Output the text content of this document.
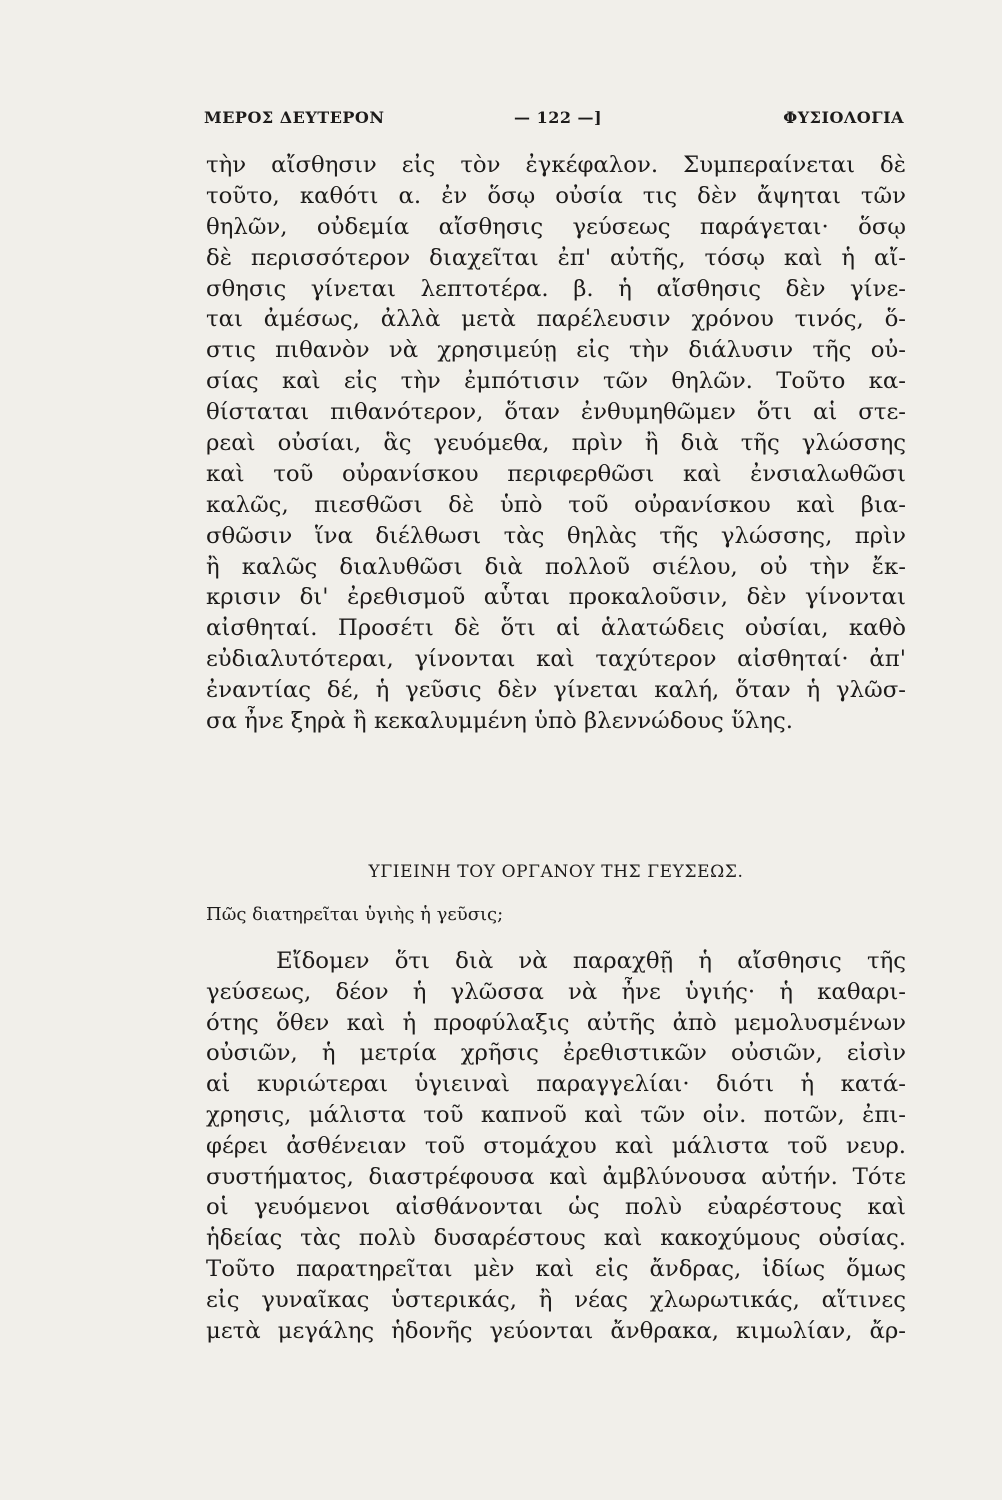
ΜΕΡΟΣ ΔΕΥΤΕΡΟΝ	— 122 —]	ΦΥΣΙΟΛΟΓΙΑ
τὴν αἴσθησιν εἰς τὸν ἐγκέφαλον. Συμπεραίνεται δὲ
τοῦτο, καθότι α. ἐν ὅσῳ οὐσία τις δὲν ἄψηται τῶν
θηλῶν, οὐδεμία αἴσθησις γεύσεως παράγεται· ὅσῳ
δὲ περισσότερον διαχεῖται ἐπ' αὐτῆς, τόσῳ καὶ ἡ αἴ-
σθησις γίνεται λεπτοτέρα. β. ἡ αἴσθησις δὲν γίνε-
ται ἀμέσως, ἀλλὰ μετὰ παρέλευσιν χρόνου τινός, ὅ-
στις πιθανὸν νὰ χρησιμεύῃ εἰς τὴν διάλυσιν τῆς οὐ-
σίας καὶ εἰς τὴν ἐμπότισιν τῶν θηλῶν. Τοῦτο κα-
θίσταται πιθανότερον, ὅταν ἐνθυμηθῶμεν ὅτι αἱ στε-
ρεαὶ οὐσίαι, ἃς γευόμεθα, πρὶν ἢ διὰ τῆς γλώσσης
καὶ τοῦ οὐρανίσκου περιφερθῶσι καὶ ἐνσιαλωθῶσι
καλῶς, πιεσθῶσι δὲ ὑπὸ τοῦ οὐρανίσκου καὶ βια-
σθῶσιν ἵνα διέλθωσι τὰς θηλὰς τῆς γλώσσης, πρὶν
ἢ καλῶς διαλυθῶσι διὰ πολλοῦ σιέλου, οὐ τὴν ἔκ-
κρισιν δι' ἐρεθισμοῦ αὗται προκαλοῦσιν, δὲν γίνονται
αἰσθηταί. Προσέτι δὲ ὅτι αἱ ἁλατώδεις οὐσίαι, καθὸ
εὐδιαλυτότεραι, γίνονται καὶ ταχύτερον αἰσθηταί· ἀπ'
ἐναντίας δέ, ἡ γεῦσις δὲν γίνεται καλή, ὅταν ἡ γλῶσ-
σα ἦνε ξηρὰ ἢ κεκαλυμμένη ὑπὸ βλεννώδους ὕλης.
ΥΓΙΕΙΝΗ ΤΟΥ ΟΡΓΑΝΟΥ ΤΗΣ ΓΕΥΣΕΩΣ.
Πῶς διατηρεῖται ὑγιὴς ἡ γεῦσις;
Εἴδομεν ὅτι διὰ νὰ παραχθῇ ἡ αἴσθησις τῆς
γεύσεως, δέον ἡ γλῶσσα νὰ ἦνε ὑγιής· ἡ καθαρι-
ότης ὅθεν καὶ ἡ προφύλαξις αὐτῆς ἀπὸ μεμολυσμένων
οὐσιῶν, ἡ μετρία χρῆσις ἐρεθιστικῶν οὐσιῶν, εἰσὶν
αἱ κυριώτεραι ὑγιειναὶ παραγγελίαι· διότι ἡ κατά-
χρησις, μάλιστα τοῦ καπνοῦ καὶ τῶν οἰν. ποτῶν, ἐπι-
φέρει ἀσθένειαν τοῦ στομάχου καὶ μάλιστα τοῦ νευρ.
συστήματος, διαστρέφουσα καὶ ἀμβλύνουσα αὐτήν. Τότε
οἱ γευόμενοι αἰσθάνονται ὡς πολὺ εὐαρέστους καὶ
ἡδείας τὰς πολὺ δυσαρέστους καὶ κακοχύμους οὐσίας.
Τοῦτο παρατηρεῖται μὲν καὶ εἰς ἄνδρας, ἰδίως ὅμως
εἰς γυναῖκας ὑστερικάς, ἢ νέας χλωρωτικάς, αἵτινες
μετὰ μεγάλης ἡδονῆς γεύονται ἄνθρακα, κιμωλίαν, ἄρ-
